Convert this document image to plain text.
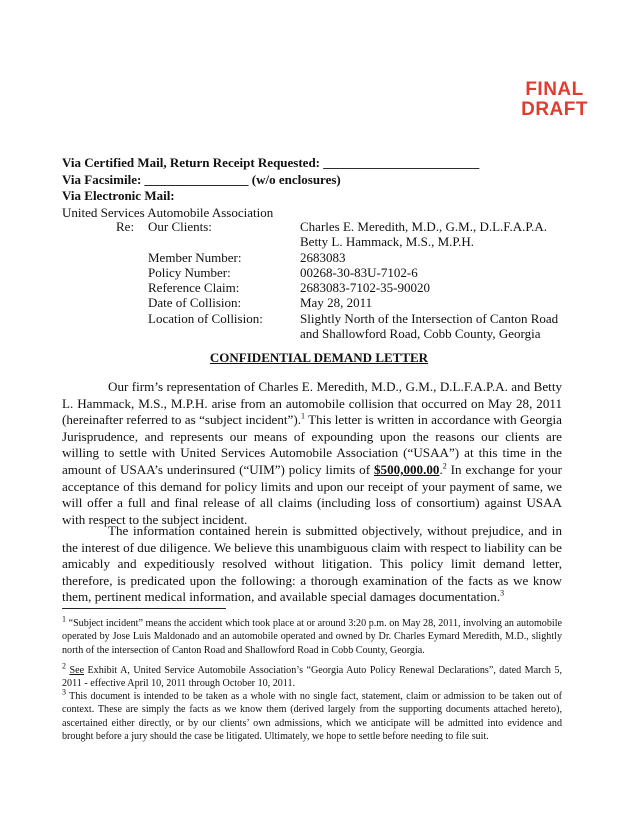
FINAL
DRAFT
Via Certified Mail, Return Receipt Requested: ________________________
Via Facsimile: ________________ (w/o enclosures)
Via Electronic Mail:
United Services Automobile Association
Re:	Our Clients:	Charles E. Meredith, M.D., G.M., D.L.F.A.P.A.
Betty L. Hammack, M.S., M.P.H.
Member Number:	2683083
Policy Number:	00268-30-83U-7102-6
Reference Claim:	2683083-7102-35-90020
Date of Collision:	May 28, 2011
Location of Collision:	Slightly North of the Intersection of Canton Road
and Shallowford Road, Cobb County, Georgia
CONFIDENTIAL DEMAND LETTER
Our firm’s representation of Charles E. Meredith, M.D., G.M., D.L.F.A.P.A. and Betty L. Hammack, M.S., M.P.H. arise from an automobile collision that occurred on May 28, 2011 (hereinafter referred to as “subject incident”).$^1$ This letter is written in accordance with Georgia Jurisprudence, and represents our means of expounding upon the reasons our clients are willing to settle with United Services Automobile Association (“USAA”) at this time in the amount of USAA’s underinsured (“UIM”) policy limits of $500,000.00.$^2$ In exchange for your acceptance of this demand for policy limits and upon our receipt of your payment of same, we will offer a full and final release of all claims (including loss of consortium) against USAA with respect to the subject incident.
The information contained herein is submitted objectively, without prejudice, and in the interest of due diligence. We believe this unambiguous claim with respect to liability can be amicably and expeditiously resolved without litigation. This policy limit demand letter, therefore, is predicated upon the following: a thorough examination of the facts as we know them, pertinent medical information, and available special damages documentation.$^3$
$^1$ “Subject incident” means the accident which took place at or around 3:20 p.m. on May 28, 2011, involving an automobile operated by Jose Luis Maldonado and an automobile operated and owned by Dr. Charles Eymard Meredith, M.D., slightly north of the intersection of Canton Road and Shallowford Road in Cobb County, Georgia.
$^2$ See Exhibit A, United Service Automobile Association’s “Georgia Auto Policy Renewal Declarations”, dated March 5, 2011 - effective April 10, 2011 through October 10, 2011.
$^3$ This document is intended to be taken as a whole with no single fact, statement, claim or admission to be taken out of context. These are simply the facts as we know them (derived largely from the supporting documents attached hereto), ascertained either directly, or by our clients’ own admissions, which we anticipate will be admitted into evidence and brought before a jury should the case be litigated. Ultimately, we hope to settle before needing to file suit.
